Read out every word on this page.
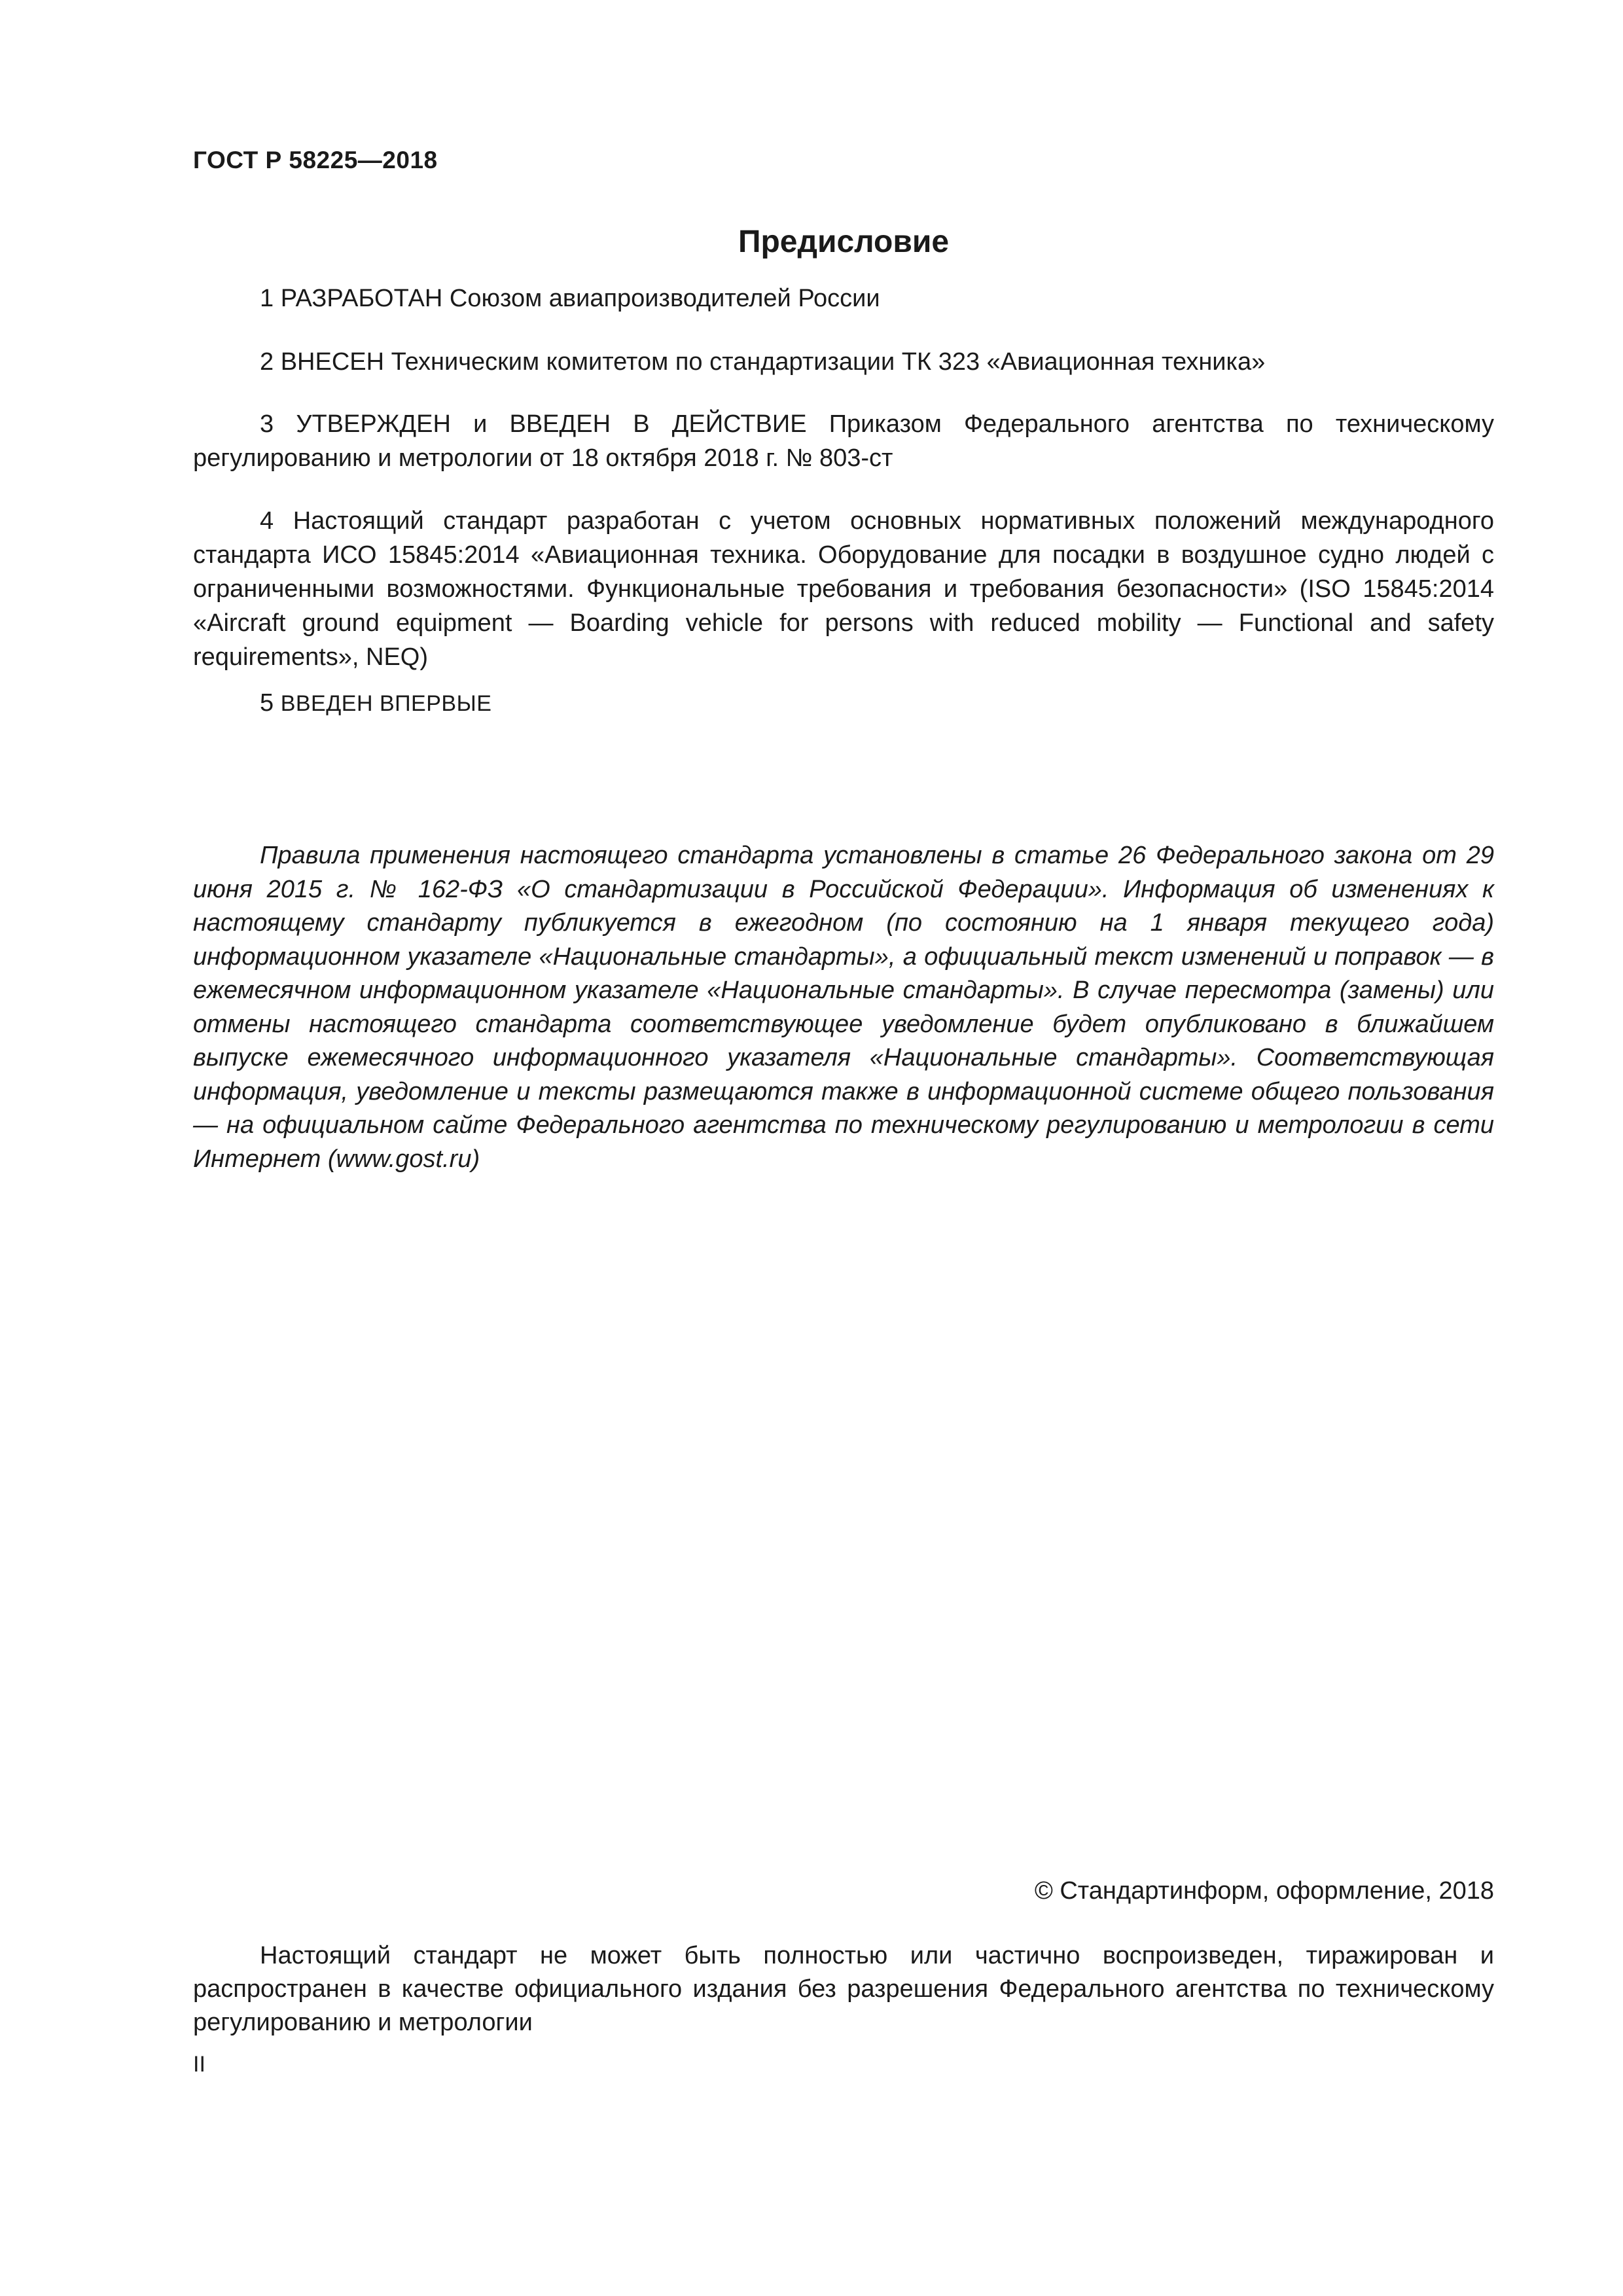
ГОСТ Р 58225—2018
Предисловие

1 РАЗРАБОТАН Союзом авиапроизводителей России

2 ВНЕСЕН Техническим комитетом по стандартизации ТК 323 «Авиационная техника»

3 УТВЕРЖДЕН и ВВЕДЕН В ДЕЙСТВИЕ Приказом Федерального агентства по техническому регулированию и метрологии от 18 октября 2018 г. № 803-ст

4 Настоящий стандарт разработан с учетом основных нормативных положений международного стандарта ИСО 15845:2014 «Авиационная техника. Оборудование для посадки в воздушное судно людей с ограниченными возможностями. Функциональные требования и требования безопасности» (ISO 15845:2014 «Aircraft ground equipment — Boarding vehicle for persons with reduced mobility — Functional and safety requirements», NEQ)

5 ВВЕДЕН ВПЕРВЫЕ

Правила применения настоящего стандарта установлены в статье 26 Федерального закона от 29 июня 2015 г. № 162-ФЗ «О стандартизации в Российской Федерации». Информация об изменениях к настоящему стандарту публикуется в ежегодном (по состоянию на 1 января текущего года) информационном указателе «Национальные стандарты», а официальный текст изменений и поправок — в ежемесячном информационном указателе «Национальные стандарты». В случае пересмотра (замены) или отмены настоящего стандарта соответствующее уведомление будет опубликовано в ближайшем выпуске ежемесячного информационного указателя «Национальные стандарты». Соответствующая информация, уведомление и тексты размещаются также в информационной системе общего пользования — на официальном сайте Федерального агентства по техническому регулированию и метрологии в сети Интернет (www.gost.ru)

© Стандартинформ, оформление, 2018

Настоящий стандарт не может быть полностью или частично воспроизведен, тиражирован и распространен в качестве официального издания без разрешения Федерального агентства по техническому регулированию и метрологии

II
